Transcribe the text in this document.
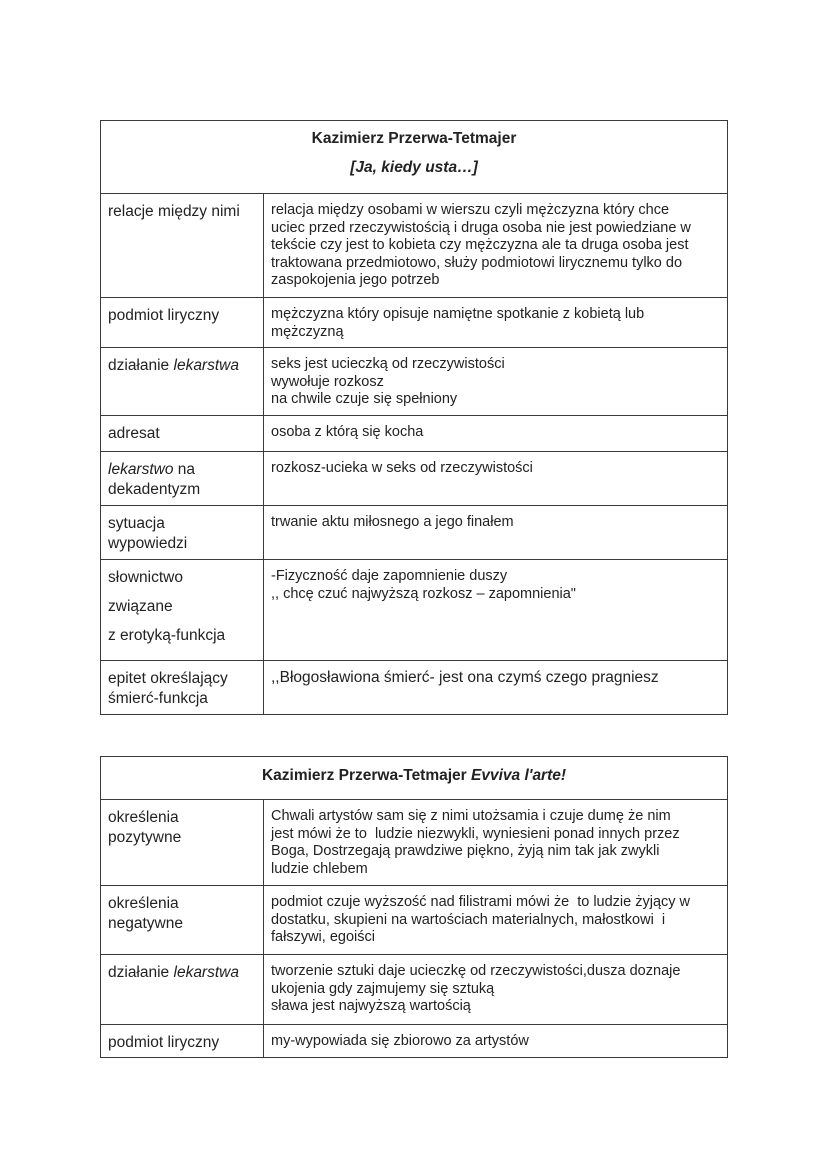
Kazimierz Przerwa-Tetmajer
[Ja, kiedy usta…]	

relacje między nimi	relacja między osobami w wierszu czyli mężczyzna który chce
uciec przed rzeczywistością i druga osoba nie jest powiedziane w
tekście czy jest to kobieta czy mężczyzna ale ta druga osoba jest
traktowana przedmiotowo, służy podmiotowi lirycznemu tylko do
zaspokojenia jego potrzeb

podmiot liryczny	mężczyzna który opisuje namiętne spotkanie z kobietą lub
mężczyzną

działanie lekarstwa	seks jest ucieczką od rzeczywistości
wywołuje rozkosz
na chwile czuje się spełniony

adresat	osoba z którą się kocha

lekarstwo na
dekadentyzm	rozkosz-ucieka w seks od rzeczywistości

sytuacja
wypowiedzi	trwanie aktu miłosnego a jego finałem

słownictwo
związane
z erotyką-funkcja	-Fizyczność daje zapomnienie duszy
,, chcę czuć najwyższą rozkosz – zapomnienia"

epitet określający
śmierć-funkcja	,,Błogosławiona śmierć- jest ona czymś czego pragniesz
Kazimierz Przerwa-Tetmajer Evviva l'arte!	

określenia
pozytywne	Chwali artystów sam się z nimi utożsamia i czuje dumę że nim
jest mówi że to  ludzie niezwykli, wyniesieni ponad innych przez
Boga, Dostrzegają prawdziwe piękno, żyją nim tak jak zwykli
ludzie chlebem

określenia
negatywne	podmiot czuje wyższość nad filistrami mówi że  to ludzie żyjący w
dostatku, skupieni na wartościach materialnych, małostkowi  i
fałszywi, egoiści

działanie lekarstwa	tworzenie sztuki daje ucieczkę od rzeczywistości,dusza doznaje
ukojenia gdy zajmujemy się sztuką
sława jest najwyższą wartością

podmiot liryczny	my-wypowiada się zbiorowo za artystów
